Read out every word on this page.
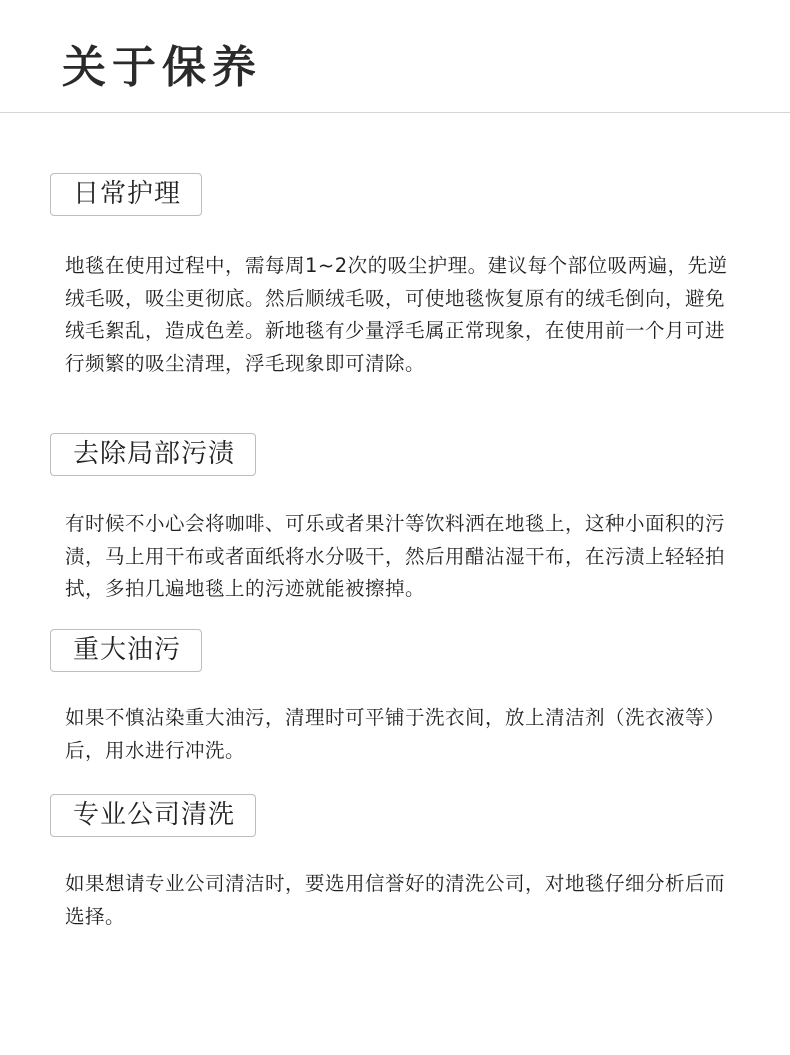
关于保养
日常护理

地毯在使用过程中，需每周1~2次的吸尘护理。建议每个部位吸两遍，先逆绒毛吸，吸尘更彻底。然后顺绒毛吸，可使地毯恢复原有的绒毛倒向，避免绒毛絮乱，造成色差。新地毯有少量浮毛属正常现象，在使用前一个月可进行频繁的吸尘清理，浮毛现象即可清除。

去除局部污渍

有时候不小心会将咖啡、可乐或者果汁等饮料洒在地毯上，这种小面积的污渍，马上用干布或者面纸将水分吸干，然后用醋沾湿干布，在污渍上轻轻拍拭，多拍几遍地毯上的污迹就能被擦掉。

重大油污

如果不慎沾染重大油污，清理时可平铺于洗衣间，放上清洁剂（洗衣液等）后，用水进行冲洗。

专业公司清洗

如果想请专业公司清洁时，要选用信誉好的清洗公司，对地毯仔细分析后而选择。
